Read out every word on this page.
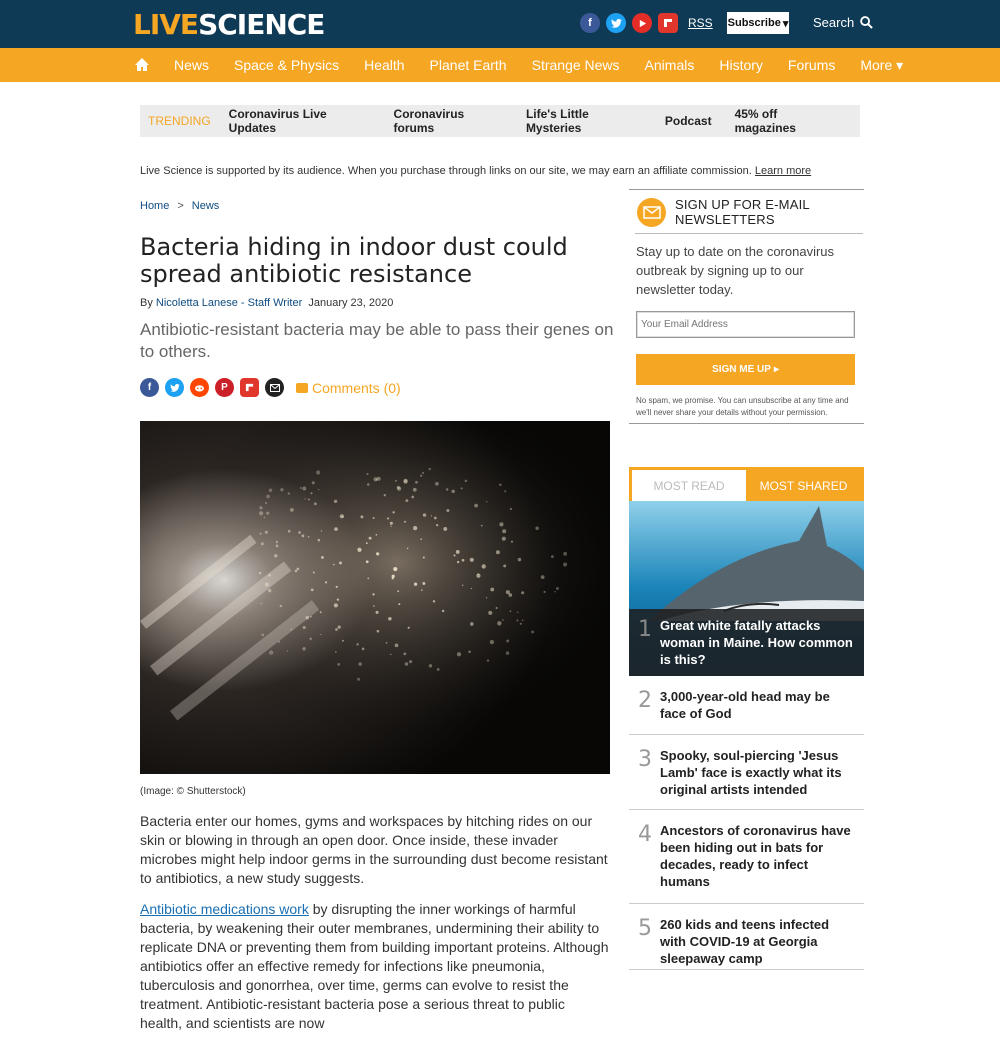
LIVE SCIENCE	f	RSS Subscribe ▾ Search
News Space & Physics Health Planet Earth Strange News Animals History Forums More ▾
TRENDING Coronavirus Live Updates
Coronavirus forums
Life's Little Mysteries	Podcast 45% off magazines
Live Science is supported by its audience. When you purchase through links on our site, we may earn an affiliate commission. Learn more
Home > News
Bacteria hiding in indoor dust could spread antibiotic resistance
By Nicoletta Lanese - Staff Writer January 23, 2020

Antibiotic-resistant bacteria may be able to pass their genes on to others.

f	P	Comments (0)
(Image: © Shutterstock)

Bacteria enter our homes, gyms and workspaces by hitching rides on our skin or blowing in through an open door. Once inside, these invader microbes might help indoor germs in the surrounding dust become resistant to antibiotics, a new study suggests.

Antibiotic medications work by disrupting the inner workings of harmful bacteria, by weakening their outer membranes, undermining their ability to replicate DNA or preventing them from building important proteins. Although antibiotics offer an effective remedy for infections like pneumonia, tuberculosis and gonorrhea, over time, germs can evolve to resist the treatment. Antibiotic-resistant bacteria pose a serious threat to public health, and scientists are now

SIGN UP FOR E-MAIL NEWSLETTERS
Stay up to date on the coronavirus outbreak by signing up to our newsletter today.
Your Email Address
SIGN ME UP ▸
No spam, we promise. You can unsubscribe at any time and we'll never share your details without your permission.
MOST READ	MOST SHARED
1 Great white fatally attacks woman in Maine. How common is this?
2 3,000-year-old head may be face of God
3 Spooky, soul-piercing 'Jesus Lamb' face is exactly what its original artists intended
4 Ancestors of coronavirus have been hiding out in bats for decades, ready to infect humans
5 260 kids and teens infected with COVID-19 at Georgia sleepaway camp
